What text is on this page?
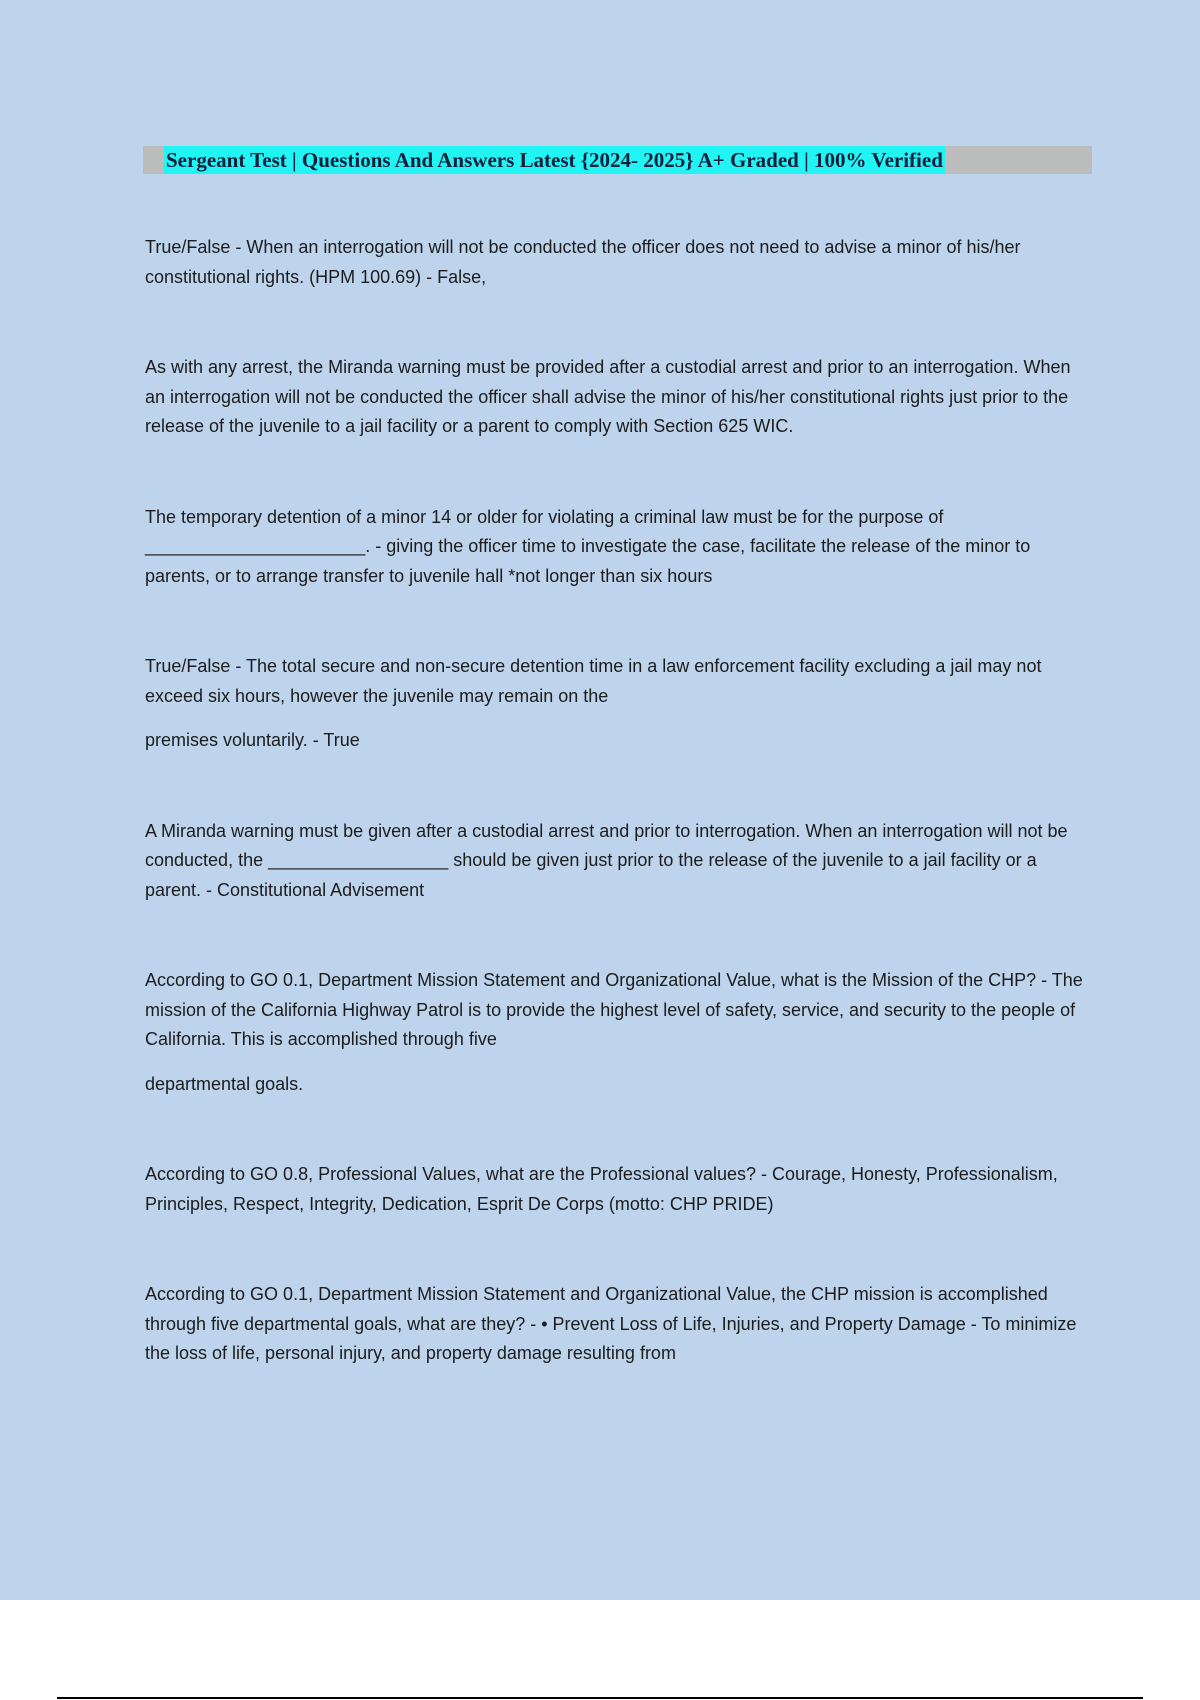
Sergeant Test | Questions And Answers Latest {2024- 2025} A+ Graded | 100% Verified

True/False - When an interrogation will not be conducted the officer does not need to advise a minor of his/her constitutional rights. (HPM 100.69) - False,

As with any arrest, the Miranda warning must be provided after a custodial arrest and prior to an interrogation. When an interrogation will not be conducted the officer shall advise the minor of his/her constitutional rights just prior to the release of the juvenile to a jail facility or a parent to comply with Section 625 WIC.

The temporary detention of a minor 14 or older for violating a criminal law must be for the purpose of ______________________. - giving the officer time to investigate the case, facilitate the release of the minor to parents, or to arrange transfer to juvenile hall *not longer than six hours

True/False - The total secure and non-secure detention time in a law enforcement facility excluding a jail may not exceed six hours, however the juvenile may remain on the

premises voluntarily. - True

A Miranda warning must be given after a custodial arrest and prior to interrogation. When an interrogation will not be conducted, the __________________ should be given just prior to the release of the juvenile to a jail facility or a parent. - Constitutional Advisement

According to GO 0.1, Department Mission Statement and Organizational Value, what is the Mission of the CHP? - The mission of the California Highway Patrol is to provide the highest level of safety, service, and security to the people of California. This is accomplished through five

departmental goals.

According to GO 0.8, Professional Values, what are the Professional values? - Courage, Honesty, Professionalism, Principles, Respect, Integrity, Dedication, Esprit De Corps (motto: CHP PRIDE)

According to GO 0.1, Department Mission Statement and Organizational Value, the CHP mission is accomplished through five departmental goals, what are they? - • Prevent Loss of Life, Injuries, and Property Damage - To minimize the loss of life, personal injury, and property damage resulting from
